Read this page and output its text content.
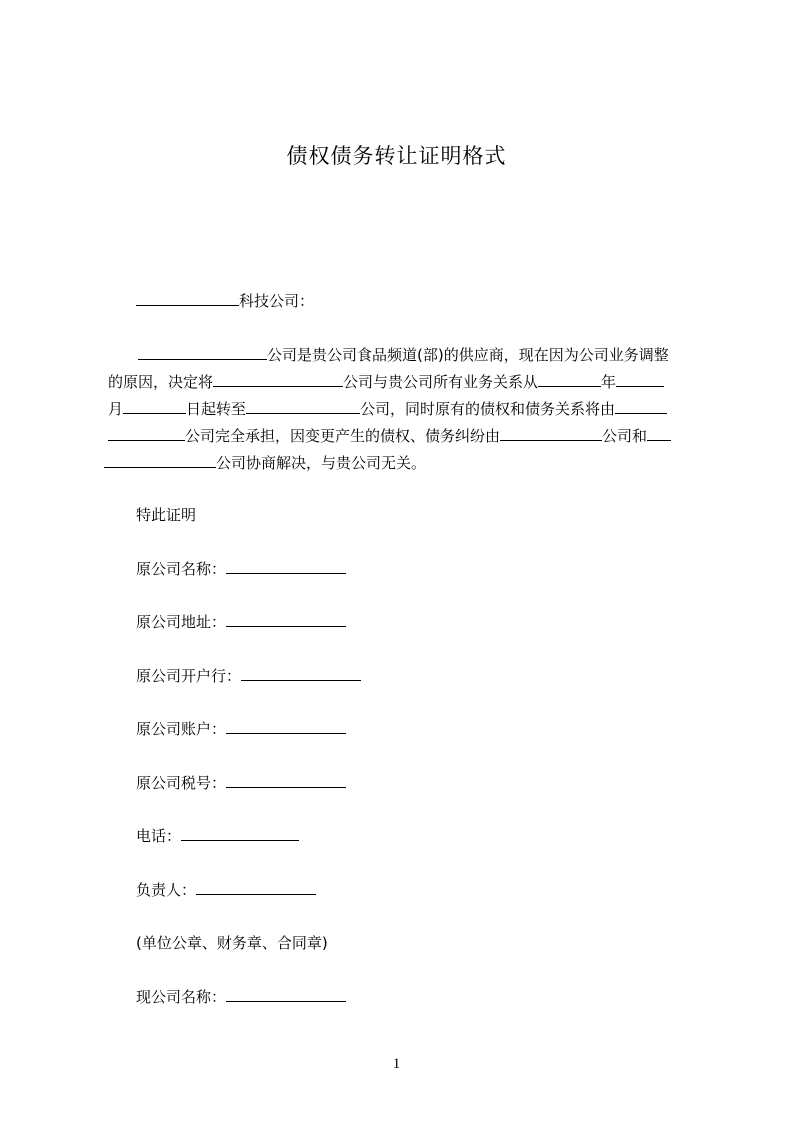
债权债务转让证明格式
科技公司：
公司是贵公司食品频道(部)的供应商，现在因为公司业务调整
的原因，决定将	公司与贵公司所有业务关系从	年
月	日起转至	公司，同时原有的债权和债务关系将由
公司完全承担，因变更产生的债权、债务纠纷由	公司和
公司协商解决，与贵公司无关。
特此证明
原公司名称：
原公司地址：
原公司开户行：
原公司账户：
原公司税号：
电话：
负责人：
(单位公章、财务章、合同章)
现公司名称：
1
